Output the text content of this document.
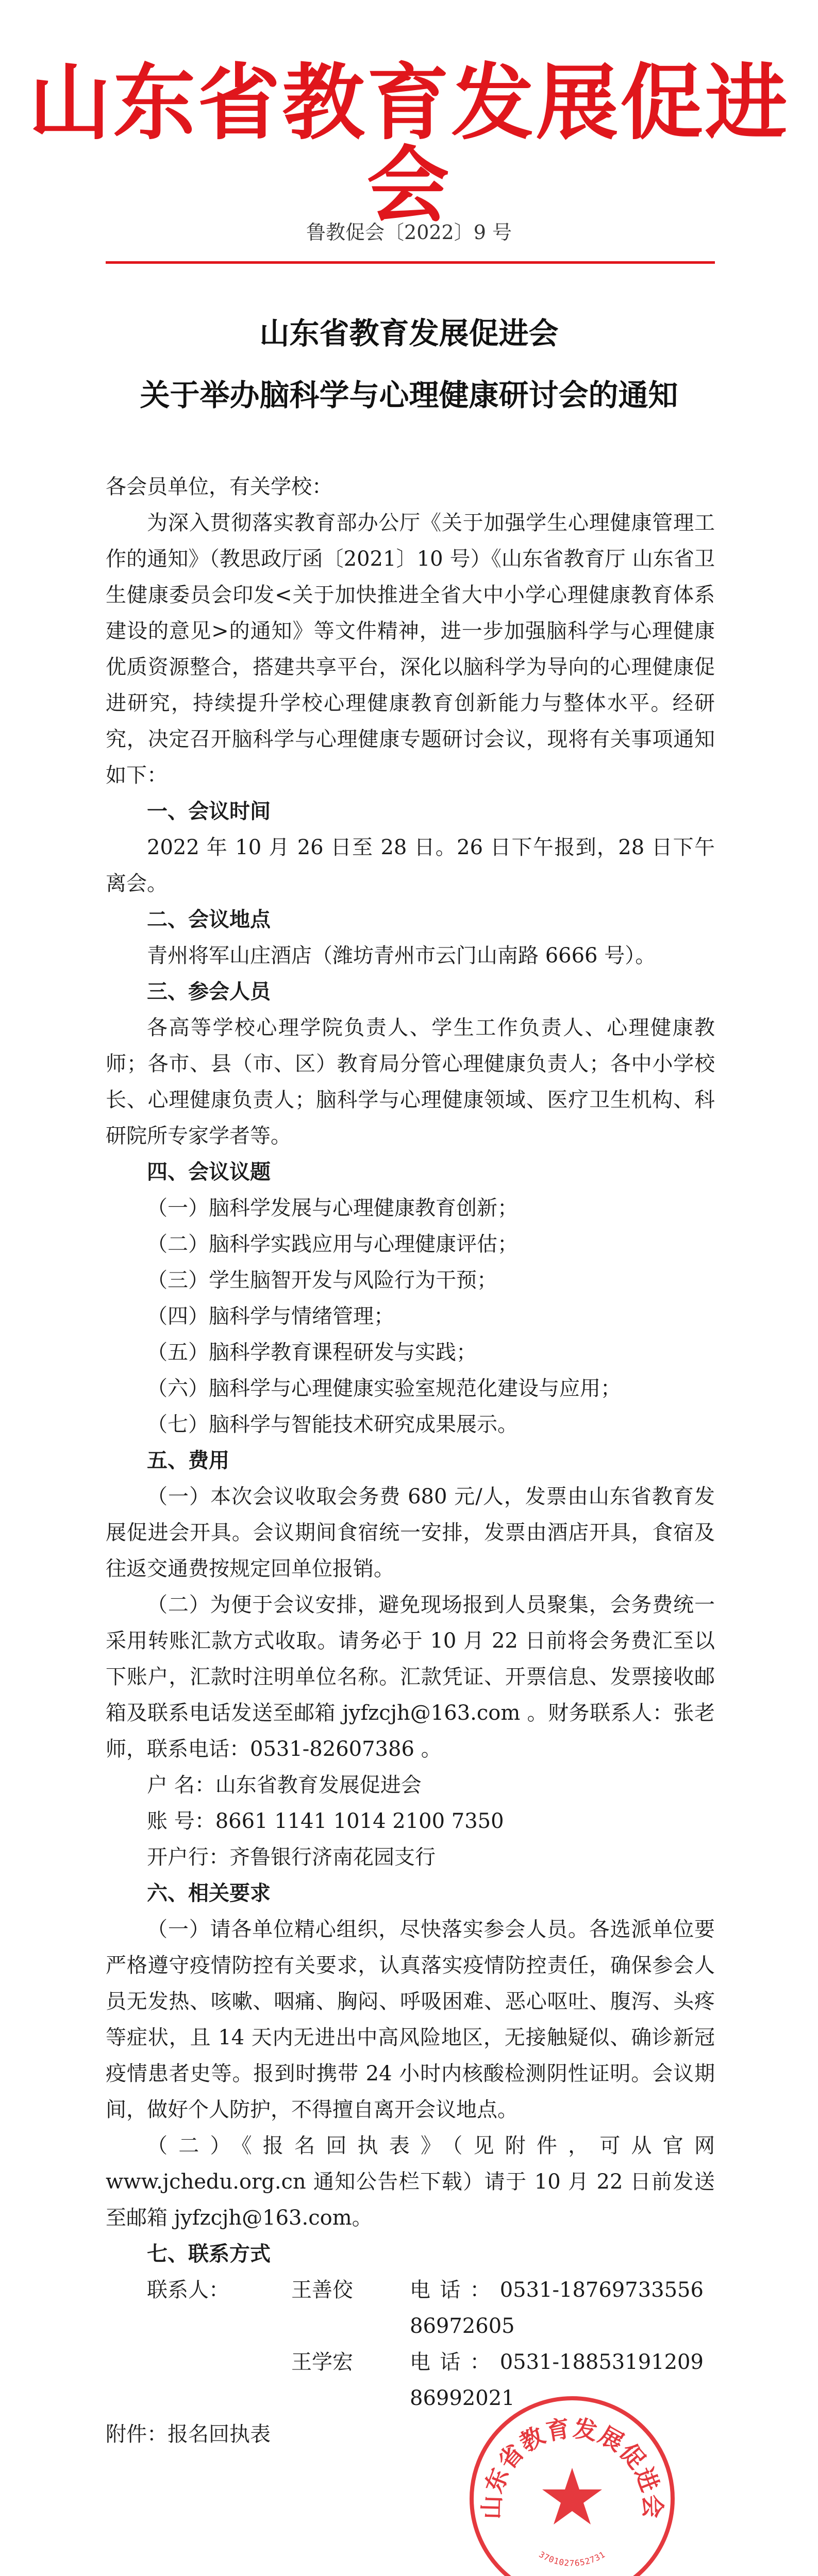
山东省教育发展促进会
鲁教促会〔2022〕9 号
山东省教育发展促进会
关于举办脑科学与心理健康研讨会的通知

各会员单位，有关学校：

为深入贯彻落实教育部办公厅《关于加强学生心理健康管理工作的通知》（教思政厅函〔2021〕10 号）《山东省教育厅 山东省卫生健康委员会印发<关于加快推进全省大中小学心理健康教育体系建设的意见>的通知》等文件精神，进一步加强脑科学与心理健康优质资源整合，搭建共享平台，深化以脑科学为导向的心理健康促进研究，持续提升学校心理健康教育创新能力与整体水平。经研究，决定召开脑科学与心理健康专题研讨会议，现将有关事项通知如下：

一、会议时间

2022 年 10 月 26 日至 28 日。26 日下午报到，28 日下午离会。

二、会议地点

青州将军山庄酒店（潍坊青州市云门山南路 6666 号）。

三、参会人员

各高等学校心理学院负责人、学生工作负责人、心理健康教师；各市、县（市、区）教育局分管心理健康负责人；各中小学校长、心理健康负责人；脑科学与心理健康领域、医疗卫生机构、科研院所专家学者等。

四、会议议题

（一）脑科学发展与心理健康教育创新；

（二）脑科学实践应用与心理健康评估；

（三）学生脑智开发与风险行为干预；

（四）脑科学与情绪管理；

（五）脑科学教育课程研发与实践；

（六）脑科学与心理健康实验室规范化建设与应用；

（七）脑科学与智能技术研究成果展示。

五、费用

（一）本次会议收取会务费 680 元/人，发票由山东省教育发展促进会开具。会议期间食宿统一安排，发票由酒店开具，食宿及往返交通费按规定回单位报销。

（二）为便于会议安排，避免现场报到人员聚集，会务费统一采用转账汇款方式收取。请务必于 10 月 22 日前将会务费汇至以下账户，汇款时注明单位名称。汇款凭证、开票信息、发票接收邮箱及联系电话发送至邮箱 jyfzcjh@163.com 。财务联系人：张老师，联系电话：0531-82607386 。

户 名：山东省教育发展促进会

账 号：8661 1141 1014 2100 7350

开户行：齐鲁银行济南花园支行

六、相关要求

（一）请各单位精心组织，尽快落实参会人员。各选派单位要严格遵守疫情防控有关要求，认真落实疫情防控责任，确保参会人员无发热、咳嗽、咽痛、胸闷、呼吸困难、恶心呕吐、腹泻、头疼等症状，且 14 天内无进出中高风险地区，无接触疑似、确诊新冠疫情患者史等。报到时携带 24 小时内核酸检测阴性证明。会议期间，做好个人防护，不得擅自离开会议地点。

（二）《报名回执表》（见附件，可从官网 www.jchedu.org.cn 通知公告栏下载）请于 10 月 22 日前发送至邮箱 jyfzcjh@163.com。

七、联系方式

联系人：	王善佼	电话：0531-86972605
18769733556
王学宏	电话：0531-86992021
18853191209

附件：报名回执表

山东省教育发展促进会
3701027652731
